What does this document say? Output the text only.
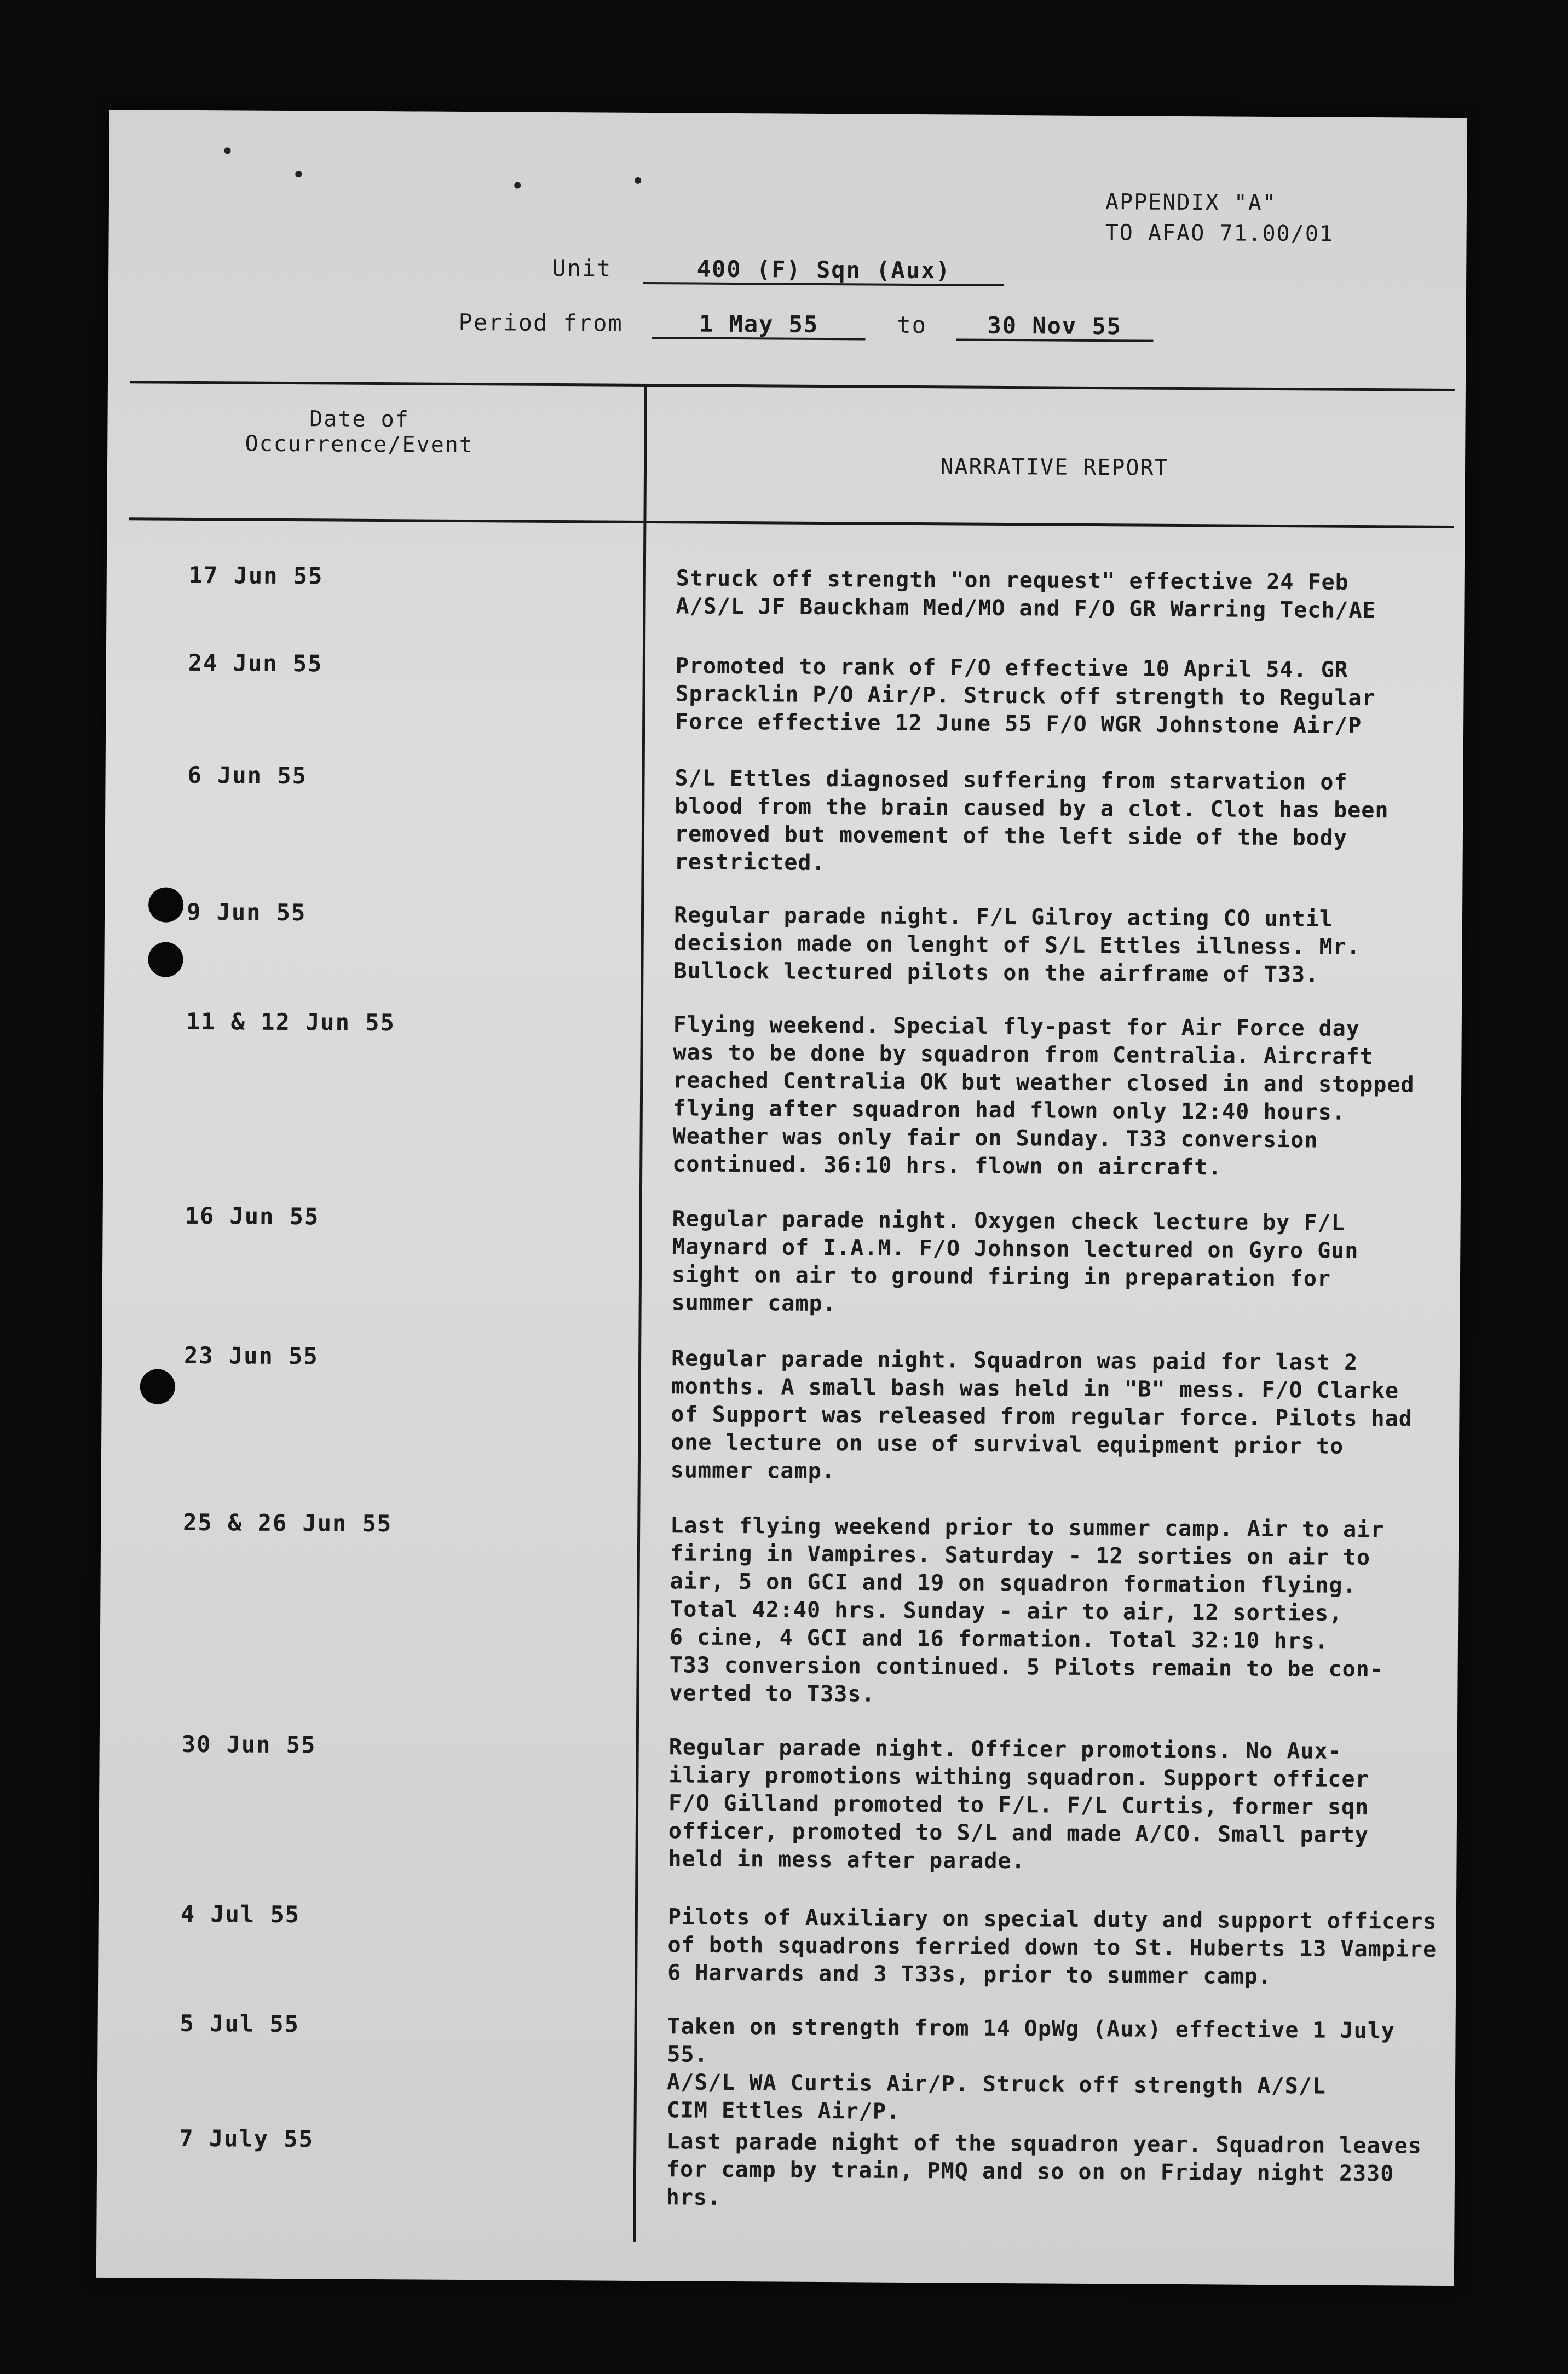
APPENDIX "A"
TO AFAO 71.00/01
Unit	400 (F) Sqn (Aux)
Period from	1 May 55	to	30 Nov 55
Date of
Occurrence/Event
NARRATIVE REPORT
17 Jun 55	Struck off strength "on request" effective 24 Feb
A/S/L JF Bauckham Med/MO and F/O GR Warring Tech/AE
24 Jun 55	Promoted to rank of F/O effective 10 April 54. GR
Spracklin P/O Air/P. Struck off strength to Regular
Force effective 12 June 55 F/O WGR Johnstone Air/P
6 Jun 55	S/L Ettles diagnosed suffering from starvation of
blood from the brain caused by a clot. Clot has been
removed but movement of the left side of the body
restricted.
9 Jun 55	Regular parade night. F/L Gilroy acting CO until
decision made on lenght of S/L Ettles illness. Mr.
Bullock lectured pilots on the airframe of T33.
11 & 12 Jun 55	Flying weekend. Special fly-past for Air Force day
was to be done by squadron from Centralia. Aircraft
reached Centralia OK but weather closed in and stopped
flying after squadron had flown only 12:40 hours.
Weather was only fair on Sunday. T33 conversion
continued. 36:10 hrs. flown on aircraft.
16 Jun 55	Regular parade night. Oxygen check lecture by F/L
Maynard of I.A.M. F/O Johnson lectured on Gyro Gun
sight on air to ground firing in preparation for
summer camp.
23 Jun 55	Regular parade night. Squadron was paid for last 2
months. A small bash was held in "B" mess. F/O Clarke
of Support was released from regular force. Pilots had
one lecture on use of survival equipment prior to
summer camp.
25 & 26 Jun 55	Last flying weekend prior to summer camp. Air to air
firing in Vampires. Saturday - 12 sorties on air to
air, 5 on GCI and 19 on squadron formation flying.
Total 42:40 hrs. Sunday - air to air, 12 sorties,
6 cine, 4 GCI and 16 formation. Total 32:10 hrs.
T33 conversion continued. 5 Pilots remain to be con-
verted to T33s.
30 Jun 55	Regular parade night. Officer promotions. No Aux-
iliary promotions withing squadron. Support officer
F/O Gilland promoted to F/L. F/L Curtis, former sqn
officer, promoted to S/L and made A/CO. Small party
held in mess after parade.
4 Jul 55	Pilots of Auxiliary on special duty and support officers
of both squadrons ferried down to St. Huberts 13 Vampire
6 Harvards and 3 T33s, prior to summer camp.
5 Jul 55	Taken on strength from 14 OpWg (Aux) effective 1 July 55.
A/S/L WA Curtis Air/P. Struck off strength A/S/L
CIM Ettles Air/P.
7 July 55	Last parade night of the squadron year. Squadron leaves
for camp by train, PMQ and so on on Friday night 2330 hrs.
